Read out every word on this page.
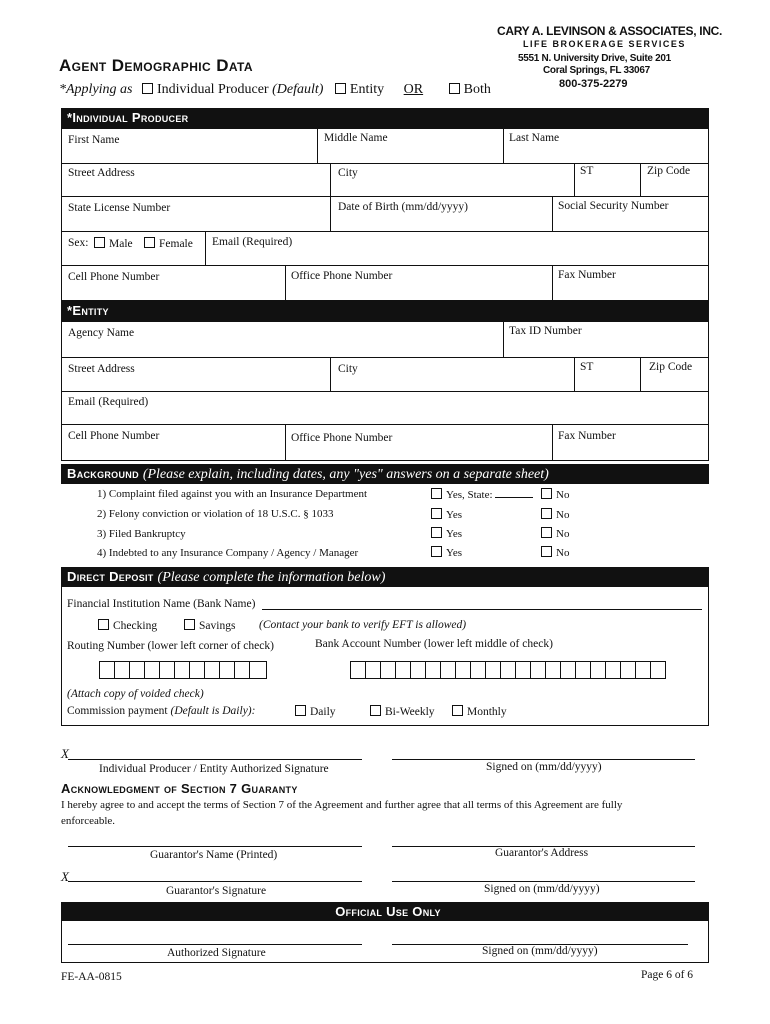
CARY A. LEVINSON & ASSOCIATES, INC.
LIFE BROKERAGE SERVICES
5551 N. University Drive, Suite 201
Coral Springs, FL 33067
800-375-2279
Agent Demographic Data
*Applying as Individual Producer (Default) Entity OR	Both
*Individual Producer
First Name	Middle Name	Last Name
Street Address	City	ST	Zip Code
State License Number	Date of Birth (mm/dd/yyyy)	Social Security Number
Sex:	Male	Female Email (Required)
Cell Phone Number	Office Phone Number	Fax Number
*Entity
Agency Name	Tax ID Number
Street Address	City	ST	Zip Code
Email (Required)
Cell Phone Number	Office Phone Number	Fax Number
Background (Please explain, including dates, any "yes" answers on a separate sheet)
1) Complaint filed against you with an Insurance Department	Yes, State:	No
2) Felony conviction or violation of 18 U.S.C. § 1033	Yes	No
3) Filed Bankruptcy	Yes	No
4) Indebted to any Insurance Company / Agency / Manager	Yes	No
Direct Deposit (Please complete the information below)
Financial Institution Name (Bank Name)
Checking	Savings (Contact your bank to verify EFT is allowed)
Routing Number (lower left corner of check)	Bank Account Number (lower left middle of check)
(Attach copy of voided check)
Commission payment (Default is Daily):	Daily	Bi-Weekly	Monthly
X
Individual Producer / Entity Authorized Signature	Signed on (mm/dd/yyyy)
Acknowledgment of Section 7 Guaranty
I hereby agree to and accept the terms of Section 7 of the Agreement and further agree that all terms of this Agreement are fully enforceable.
Guarantor's Name (Printed)	Guarantor's Address
X
Guarantor's Signature	Signed on (mm/dd/yyyy)
Official Use Only
Authorized Signature	Signed on (mm/dd/yyyy)
FE-AA-0815	Page 6 of 6
